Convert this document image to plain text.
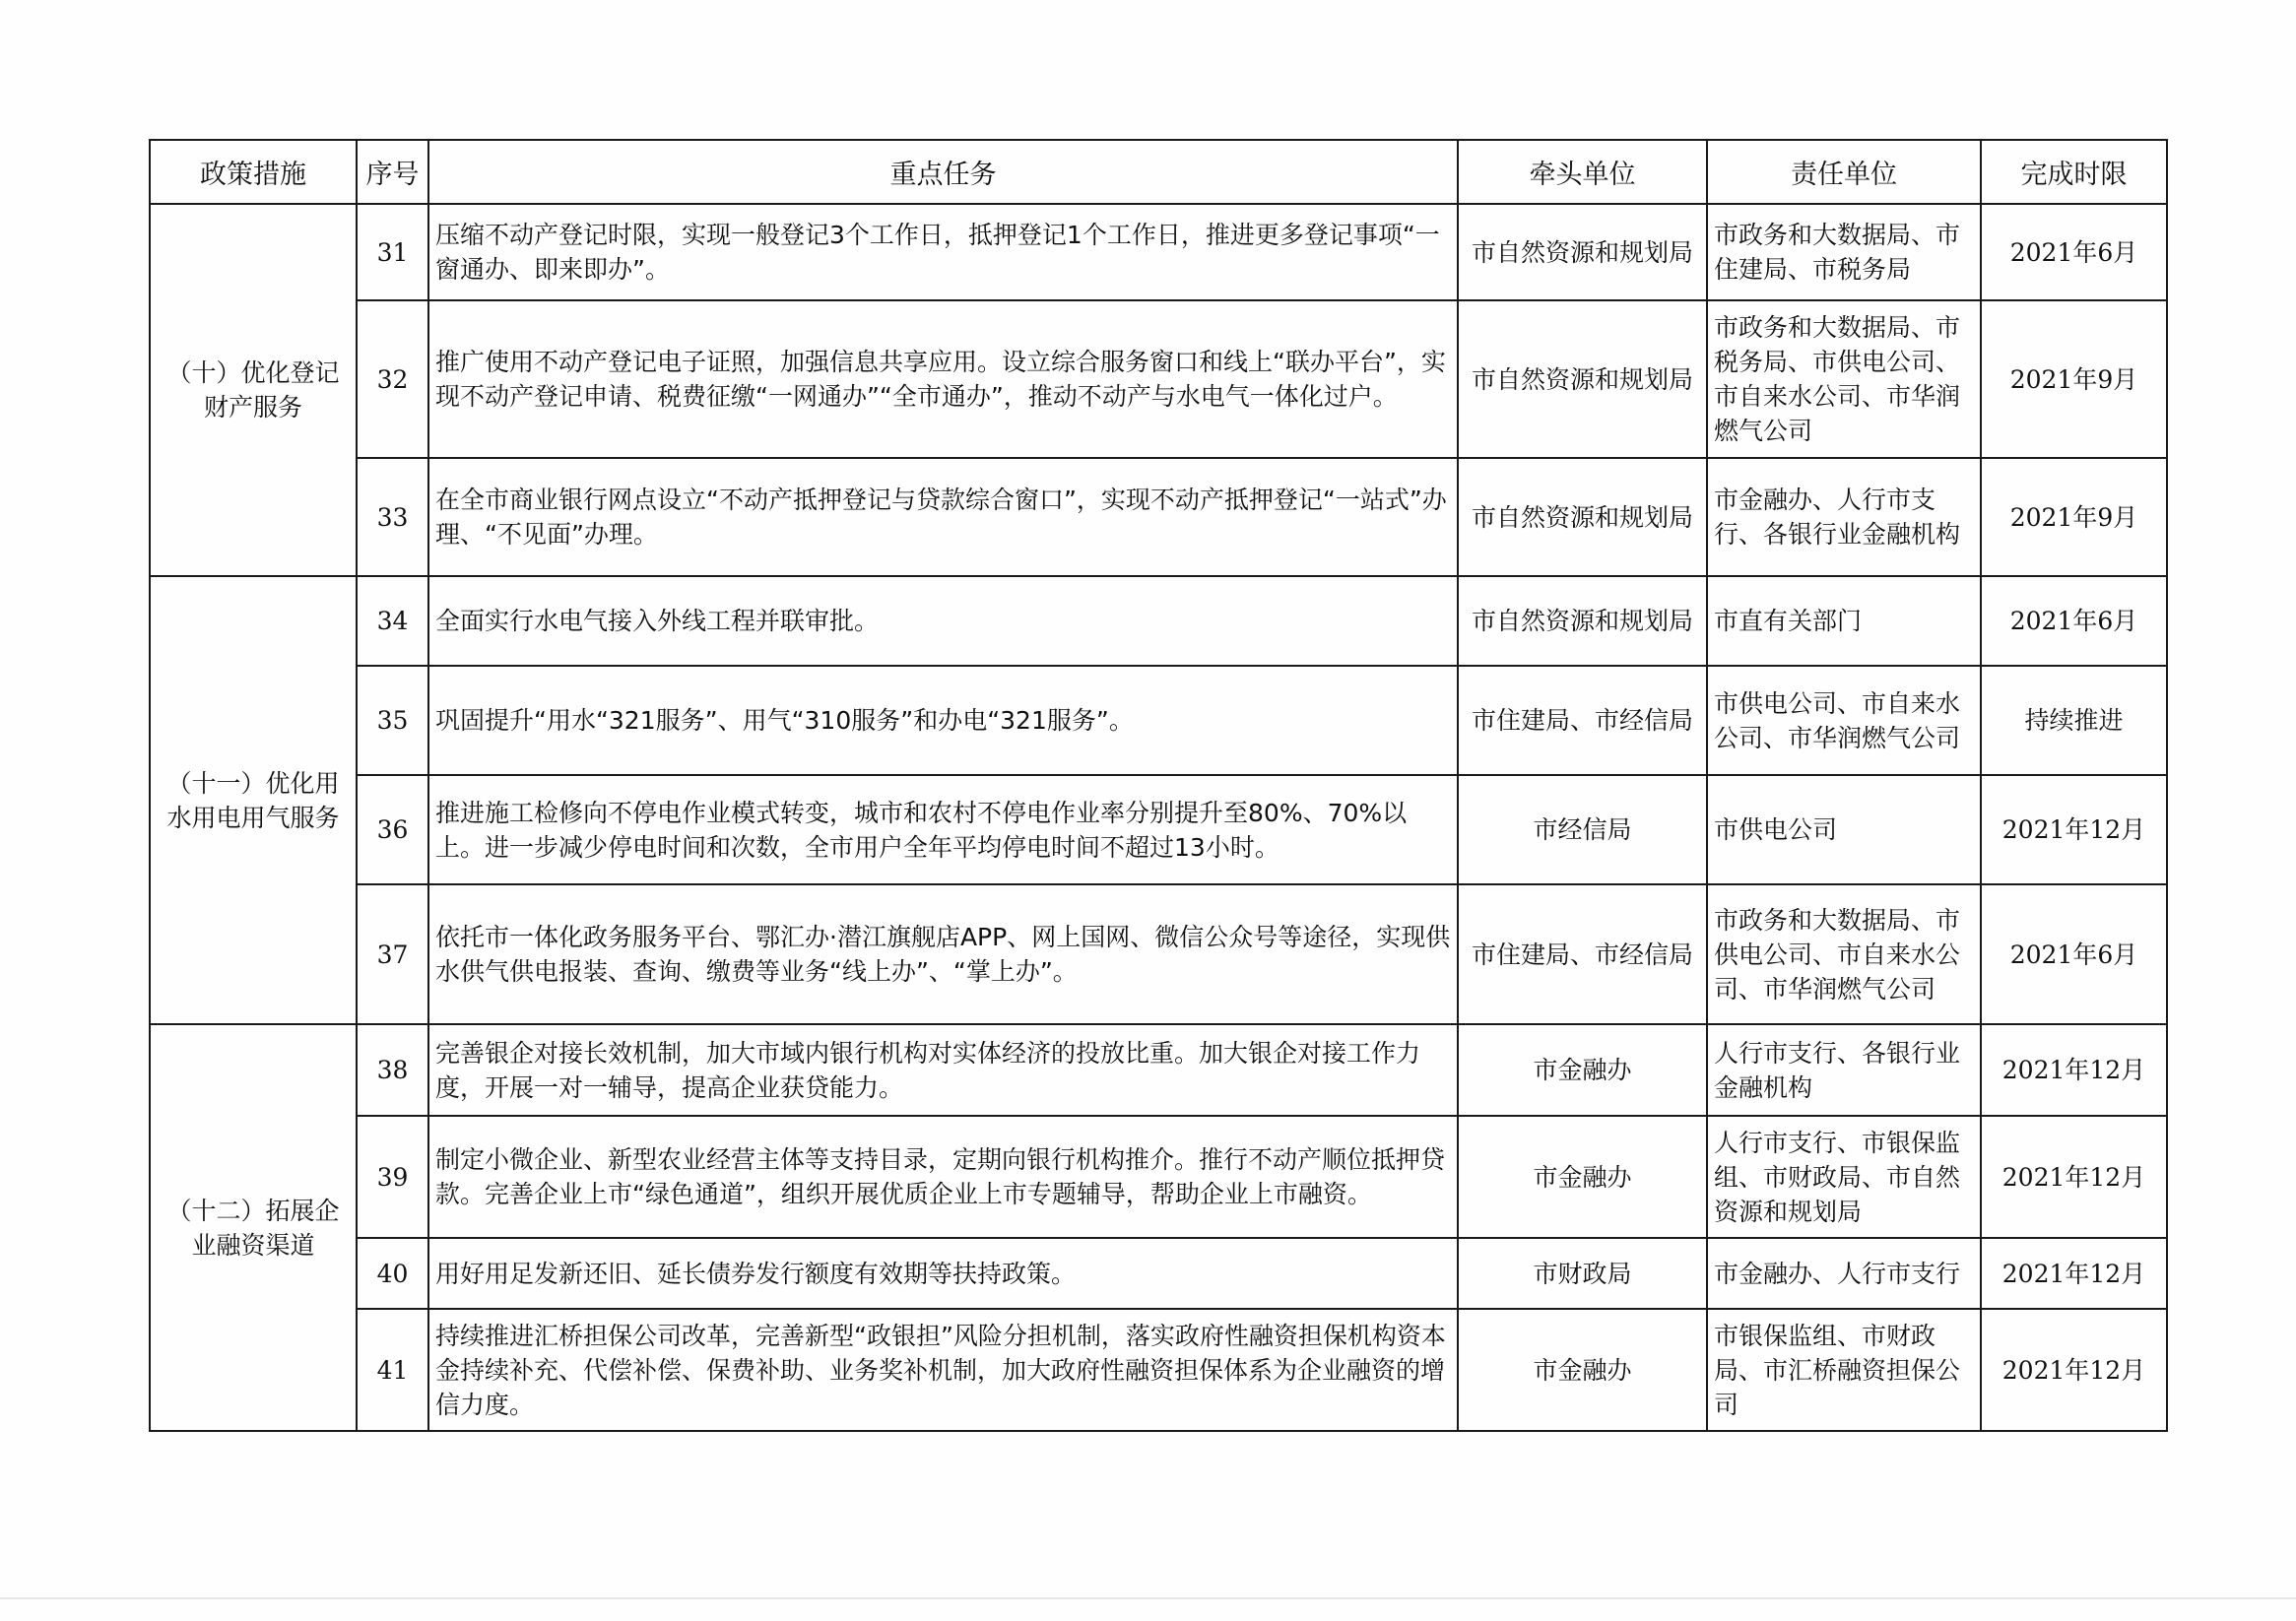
政策措施	序号	重点任务	牵头单位	责任单位	完成时限
（十）优化登记财产服务	31	压缩不动产登记时限，实现一般登记3个工作日，抵押登记1个工作日，推进更多登记事项“一窗通办、即来即办”。	市自然资源和规划局	市政务和大数据局、市住建局、市税务局	2021年6月
	32	推广使用不动产登记电子证照，加强信息共享应用。设立综合服务窗口和线上“联办平台”，实现不动产登记申请、税费征缴“一网通办”“全市通办”，推动不动产与水电气一体化过户。	市自然资源和规划局	市政务和大数据局、市税务局、市供电公司、市自来水公司、市华润燃气公司	2021年9月
	33	在全市商业银行网点设立“不动产抵押登记与贷款综合窗口”，实现不动产抵押登记“一站式”办理、“不见面”办理。	市自然资源和规划局	市金融办、人行市支行、各银行业金融机构	2021年9月
（十一）优化用水用电用气服务	34	全面实行水电气接入外线工程并联审批。	市自然资源和规划局	市直有关部门	2021年6月
	35	巩固提升“用水“321服务”、用气“310服务”和办电“321服务”。	市住建局、市经信局	市供电公司、市自来水公司、市华润燃气公司	持续推进
	36	推进施工检修向不停电作业模式转变，城市和农村不停电作业率分别提升至80%、70%以上。进一步减少停电时间和次数，全市用户全年平均停电时间不超过13小时。	市经信局	市供电公司	2021年12月
	37	依托市一体化政务服务平台、鄂汇办·潜江旗舰店APP、网上国网、微信公众号等途径，实现供水供气供电报装、查询、缴费等业务“线上办”、“掌上办”。	市住建局、市经信局	市政务和大数据局、市供电公司、市自来水公司、市华润燃气公司	2021年6月
（十二）拓展企业融资渠道	38	完善银企对接长效机制，加大市域内银行机构对实体经济的投放比重。加大银企对接工作力度，开展一对一辅导，提高企业获贷能力。	市金融办	人行市支行、各银行业金融机构	2021年12月
	39	制定小微企业、新型农业经营主体等支持目录，定期向银行机构推介。推行不动产顺位抵押贷款。完善企业上市“绿色通道”，组织开展优质企业上市专题辅导，帮助企业上市融资。	市金融办	人行市支行、市银保监组、市财政局、市自然资源和规划局	2021年12月
	40	用好用足发新还旧、延长债券发行额度有效期等扶持政策。	市财政局	市金融办、人行市支行	2021年12月
	41	持续推进汇桥担保公司改革，完善新型“政银担”风险分担机制，落实政府性融资担保机构资本金持续补充、代偿补偿、保费补助、业务奖补机制，加大政府性融资担保体系为企业融资的增信力度。	市金融办	市银保监组、市财政局、市汇桥融资担保公司	2021年12月
